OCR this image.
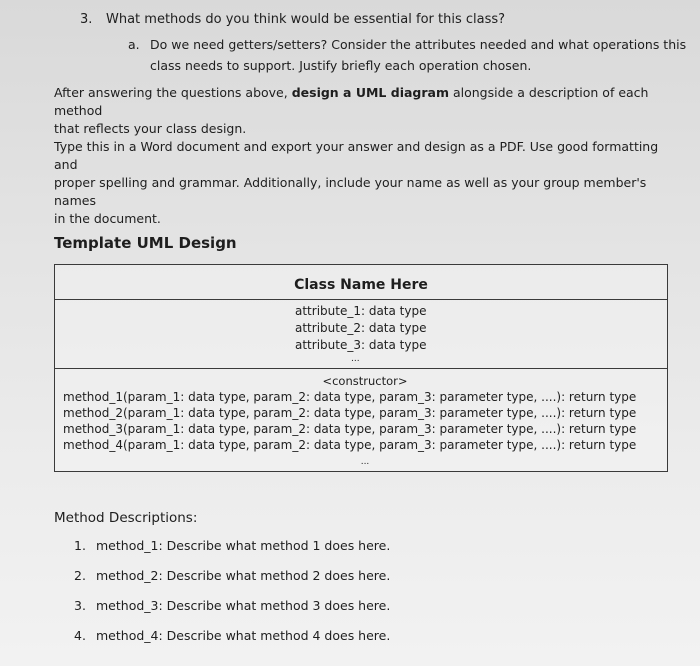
3. What methods do you think would be essential for this class?
a. Do we need getters/setters? Consider the attributes needed and what operations this
class needs to support. Justify briefly each operation chosen.
After answering the questions above, design a UML diagram alongside a description of each method
that reflects your class design.
Type this in a Word document and export your answer and design as a PDF. Use good formatting and
proper spelling and grammar. Additionally, include your name as well as your group member's names
in the document.
Template UML Design
Class Name Here
attribute_1: data type
attribute_2: data type
attribute_3: data type
...
<constructor>
method_1(param_1: data type, param_2: data type, param_3: parameter type, ....): return type
method_2(param_1: data type, param_2: data type, param_3: parameter type, ....): return type
method_3(param_1: data type, param_2: data type, param_3: parameter type, ....): return type
method_4(param_1: data type, param_2: data type, param_3: parameter type, ....): return type
...
Method Descriptions:
1. method_1: Describe what method 1 does here.
2. method_2: Describe what method 2 does here.
3. method_3: Describe what method 3 does here.
4. method_4: Describe what method 4 does here.
